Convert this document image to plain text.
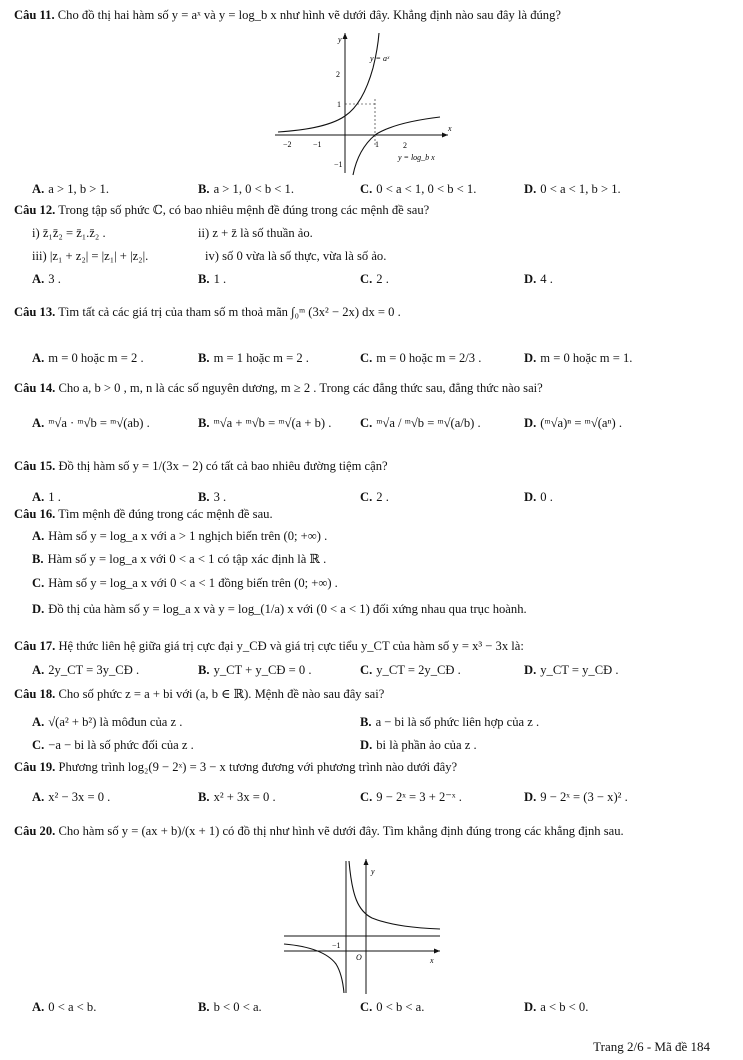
Câu 11. Cho đồ thị hai hàm số y = aˣ và y = log_b x như hình vẽ dưới đây. Khẳng định nào sau đây là đúng?
y
x
−2	−1	1	2
2
1
−1
y = aˣ
y = log_b x
A. a > 1, b > 1.	B. a > 1, 0 < b < 1.	C. 0 < a < 1, 0 < b < 1.	D. 0 < a < 1, b > 1.
Câu 12. Trong tập số phức ℂ, có bao nhiêu mệnh đề đúng trong các mệnh đề sau?
i) z̄₁z̄₂ = z̄₁.z̄₂ .	ii) z + z̄ là số thuần ảo.
iii) |z₁ + z₂| = |z₁| + |z₂|.	iv) số 0 vừa là số thực, vừa là số ảo.
A. 3 .	B. 1 .	C. 2 .	D. 4 .
Câu 13. Tìm tất cả các giá trị của tham số m thoả mãn ∫₀ᵐ (3x² − 2x) dx = 0 .
A. m = 0 hoặc m = 2 .	B. m = 1 hoặc m = 2 .	C. m = 0 hoặc m = 2/3 .	D. m = 0 hoặc m = 1.
Câu 14. Cho a, b > 0 , m, n là các số nguyên dương, m ≥ 2 . Trong các đẳng thức sau, đẳng thức nào sai?
A. ᵐ√a · ᵐ√b = ᵐ√(ab) .	B. ᵐ√a + ᵐ√b = ᵐ√(a + b) . C. ᵐ√a / ᵐ√b = ᵐ√(a/b) .	D. (ᵐ√a)ⁿ = ᵐ√(aⁿ) .
Câu 15. Đồ thị hàm số y = 1/(3x − 2) có tất cả bao nhiêu đường tiệm cận?
A. 1 .	B. 3 .	C. 2 .	D. 0 .
Câu 16. Tìm mệnh đề đúng trong các mệnh đề sau.
A. Hàm số y = log_a x với a > 1 nghịch biến trên (0; +∞) .
B. Hàm số y = log_a x với 0 < a < 1 có tập xác định là ℝ .
C. Hàm số y = log_a x với 0 < a < 1 đồng biến trên (0; +∞) .
D. Đồ thị của hàm số y = log_a x và y = log_(1/a) x với (0 < a < 1) đối xứng nhau qua trục hoành.
Câu 17. Hệ thức liên hệ giữa giá trị cực đại y_CĐ và giá trị cực tiểu y_CT của hàm số y = x³ − 3x là:
A. 2y_CT = 3y_CĐ .	B. y_CT + y_CĐ = 0 .	C. y_CT = 2y_CĐ .	D. y_CT = y_CĐ .
Câu 18. Cho số phức z = a + bi với (a, b ∈ ℝ). Mệnh đề nào sau đây sai?
A. √(a² + b²) là môđun của z .	B. a − bi là số phức liên hợp của z .
C. −a − bi là số phức đối của z .	D. bi là phần ảo của z .
Câu 19. Phương trình log₂(9 − 2ˣ) = 3 − x tương đương với phương trình nào dưới đây?
A. x² − 3x = 0 .	B. x² + 3x = 0 .	C. 9 − 2ˣ = 3 + 2⁻ˣ .	D. 9 − 2ˣ = (3 − x)² .
Câu 20. Cho hàm số y = (ax + b)/(x + 1) có đồ thị như hình vẽ dưới đây. Tìm khẳng định đúng trong các khẳng định sau.
y
x
O
−1
A. 0 < a < b.	B. b < 0 < a.	C. 0 < b < a.	D. a < b < 0.
Trang 2/6 - Mã đề 184
